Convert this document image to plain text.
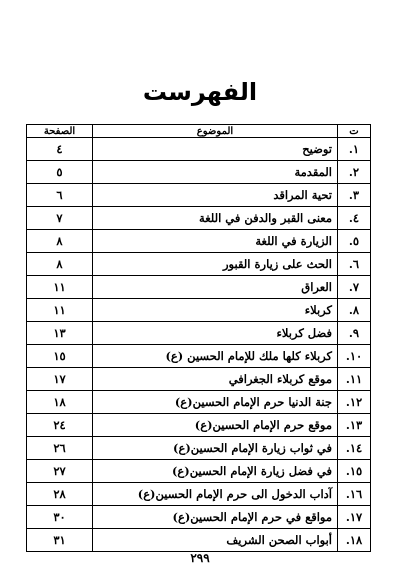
الفهرست
ت	الموضوع	الصفحة
١.	توضيح	٤
٢.	المقدمة	٥
٣.	تحية المراقد	٦
٤.	معنى القبر والدفن في اللغة	٧
٥.	الزيارة في اللغة	٨
٦.	الحث على زيارة القبور	٨
٧.	العراق	١١
٨.	كربلاء	١١
٩.	فضل كربلاء	١٣
١٠.	كربلاء كلها ملك للإمام الحسين (ع)	١٥
١١.	موقع كربلاء الجغرافي	١٧
١٢.	جنة الدنيا حرم الإمام الحسين(ع)	١٨
١٣.	موقع حرم الإمام الحسين(ع)	٢٤
١٤.	في ثواب زيارة الإمام الحسين(ع)	٢٦
١٥.	في فضل زيارة الإمام الحسين(ع)	٢٧
١٦.	آداب الدخول الى حرم الإمام الحسين(ع)	٢٨
١٧.	مواقع في حرم الإمام الحسين(ع)	٣٠
١٨.	أبواب الصحن الشريف	٣١
٢٩٩
